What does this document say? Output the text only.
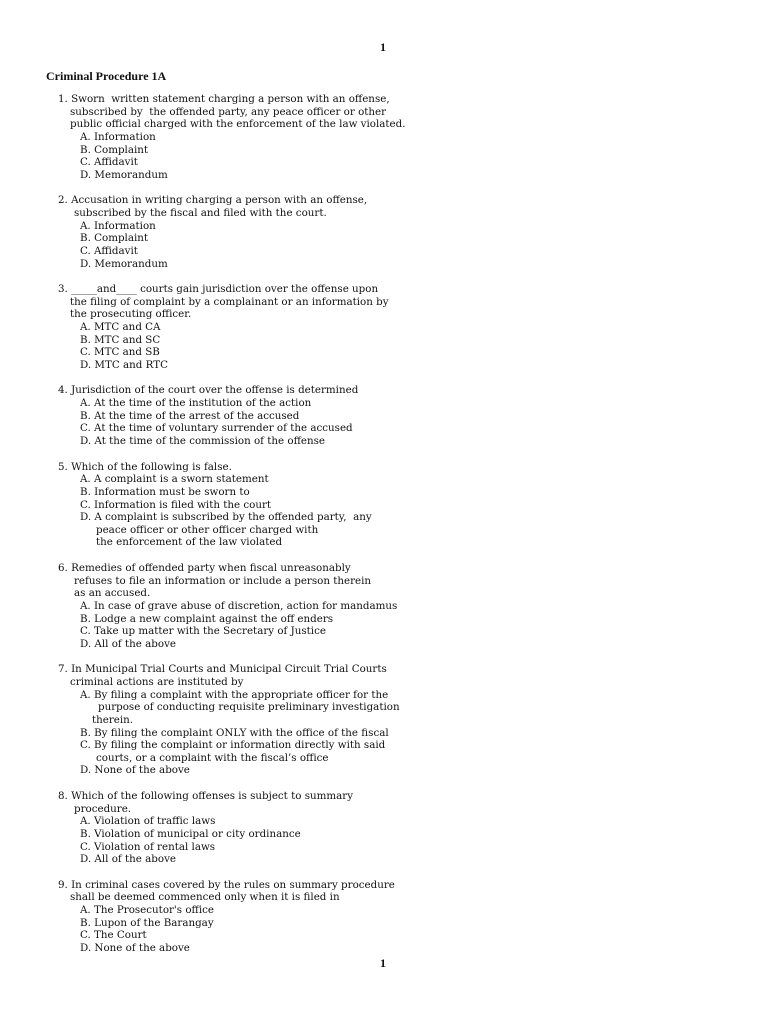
1
Criminal Procedure 1A
1. Sworn  written statement charging a person with an offense,
subscribed by  the offended party, any peace officer or other
public official charged with the enforcement of the law violated.
A. Information
B. Complaint
C. Affidavit
D. Memorandum
2. Accusation in writing charging a person with an offense,
subscribed by the fiscal and filed with the court.
A. Information
B. Complaint
C. Affidavit
D. Memorandum
3. _____and____ courts gain jurisdiction over the offense upon
the filing of complaint by a complainant or an information by
the prosecuting officer.
A. MTC and CA
B. MTC and SC
C. MTC and SB
D. MTC and RTC
4. Jurisdiction of the court over the offense is determined
A. At the time of the institution of the action
B. At the time of the arrest of the accused
C. At the time of voluntary surrender of the accused
D. At the time of the commission of the offense
5. Which of the following is false.
A. A complaint is a sworn statement
B. Information must be sworn to
C. Information is filed with the court
D. A complaint is subscribed by the offended party,  any
peace officer or other officer charged with
the enforcement of the law violated
6. Remedies of offended party when fiscal unreasonably
refuses to file an information or include a person therein
as an accused.
A. In case of grave abuse of discretion, action for mandamus
B. Lodge a new complaint against the off enders
C. Take up matter with the Secretary of Justice
D. All of the above
7. In Municipal Trial Courts and Municipal Circuit Trial Courts
criminal actions are instituted by
A. By filing a complaint with the appropriate officer for the
purpose of conducting requisite preliminary investigation
therein.
B. By filing the complaint ONLY with the office of the fiscal
C. By filing the complaint or information directly with said
courts, or a complaint with the fiscal’s office
D. None of the above
8. Which of the following offenses is subject to summary
procedure.
A. Violation of traffic laws
B. Violation of municipal or city ordinance
C. Violation of rental laws
D. All of the above
9. In criminal cases covered by the rules on summary procedure
shall be deemed commenced only when it is filed in
A. The Prosecutor's office
B. Lupon of the Barangay
C. The Court
D. None of the above
1
